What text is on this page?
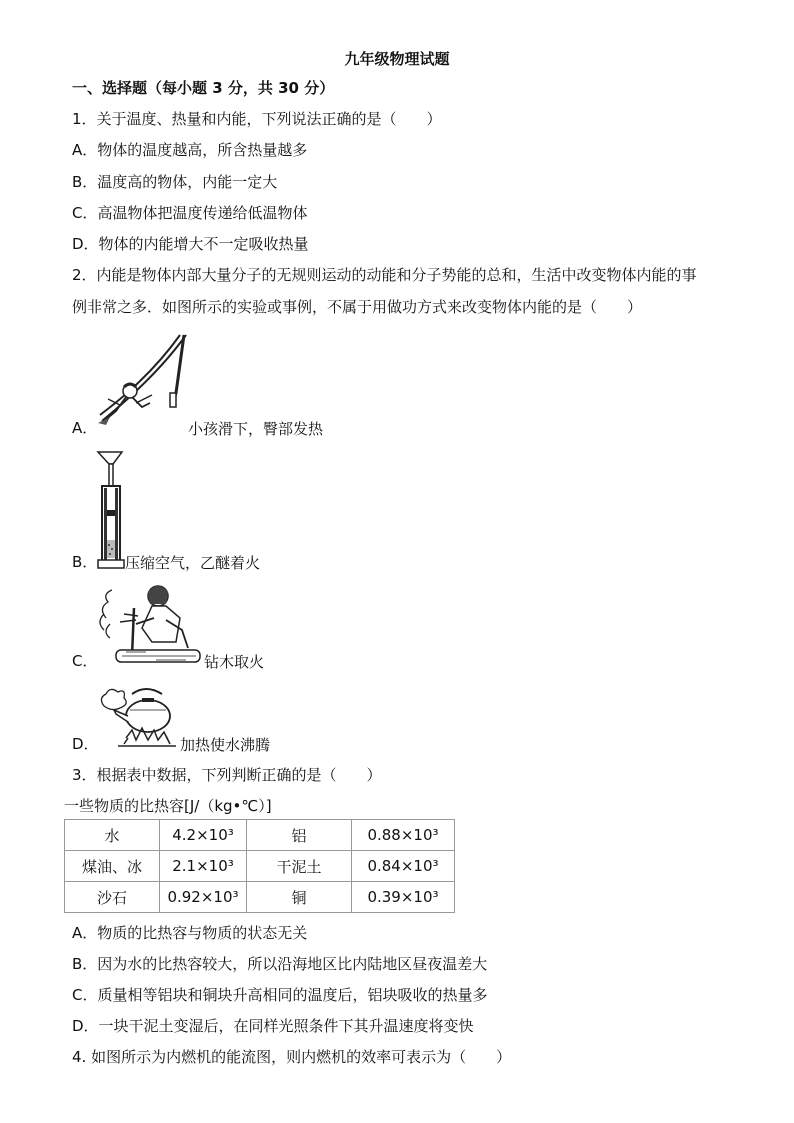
九年级物理试题
一、选择题（每小题 3 分，共 30 分）
1．关于温度、热量和内能，下列说法正确的是（　　）
A．物体的温度越高，所含热量越多
B．温度高的物体，内能一定大
C．高温物体把温度传递给低温物体
D．物体的内能增大不一定吸收热量
2．内能是物体内部大量分子的无规则运动的动能和分子势能的总和，生活中改变物体内能的事
例非常之多．如图所示的实验或事例，不属于用做功方式来改变物体内能的是（　　）
A．	小孩滑下，臀部发热
B． 压缩空气，乙醚着火
C．	钻木取火
D．	加热使水沸腾
3．根据表中数据，下列判断正确的是（　　）
一些物质的比热容[J/（kg•℃）]
水	4.2×10³	铝	0.88×10³
煤油、冰	2.1×10³	干泥土	0.84×10³
沙石	0.92×10³	铜	0.39×10³
A．物质的比热容与物质的状态无关
B．因为水的比热容较大，所以沿海地区比内陆地区昼夜温差大
C．质量相等铝块和铜块升高相同的温度后，铝块吸收的热量多
D．一块干泥土变湿后，在同样光照条件下其升温速度将变快
4. 如图所示为内燃机的能流图，则内燃机的效率可表示为（　　）
